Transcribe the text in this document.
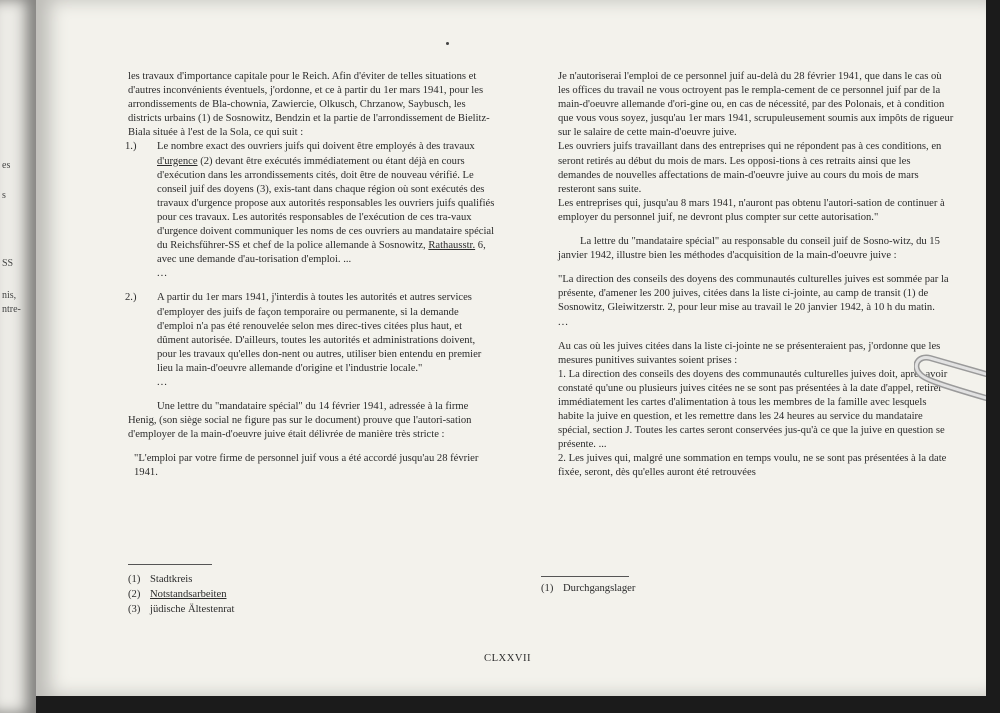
es
s
SS
nis,
ntre-

les travaux d'importance capitale pour le Reich. Afin d'éviter de telles situations et d'autres inconvénients éventuels, j'ordonne, et ce à partir du 1er mars 1941, pour les arrondissements de Bla-chownia, Zawiercie, Olkusch, Chrzanow, Saybusch, les districts urbains (1) de Sosnowitz, Bendzin et la partie de l'arrondissement de Bielitz-Biala située à l'est de la Sola, ce qui suit :

1.) Le nombre exact des ouvriers juifs qui doivent être employés à des travaux d'urgence (2) devant être exécutés immédiatement ou étant déjà en cours d'exécution dans les arrondissements cités, doit être de nouveau vérifié. Le conseil juif des doyens (3), exis-tant dans chaque région où sont exécutés des travaux d'urgence propose aux autorités responsables les ouvriers juifs qualifiés pour ces travaux. Les autorités responsables de l'exécution de ces tra-vaux d'urgence doivent communiquer les noms de ces ouvriers au mandataire spécial du Reichsführer-SS et chef de la police allemande à Sosnowitz, Rathausstr. 6, avec une demande d'au-torisation d'emploi. ...
...
2.) A partir du 1er mars 1941, j'interdis à toutes les autorités et autres services d'employer des juifs de façon temporaire ou permanente, si la demande d'emploi n'a pas été renouvelée selon mes direc-tives citées plus haut, et dûment autorisée. D'ailleurs, toutes les autorités et administrations doivent, pour les travaux qu'elles don-nent ou autres, utiliser bien entendu en premier lieu la main-d'oeuvre allemande d'origine et l'industrie locale."
...

Une lettre du "mandataire spécial" du 14 février 1941, adressée à la firme Henig, (son siège social ne figure pas sur le document) prouve que l'autori-sation d'employer de la main-d'oeuvre juive était délivrée de manière très stricte :

"L'emploi par votre firme de personnel juif vous a été accordé jusqu'au 28 février 1941.

(1) Stadtkreis
(2) Notstandsarbeiten
(3) jüdische Ältestenrat

Je n'autoriserai l'emploi de ce personnel juif au-delà du 28 février 1941, que dans le cas où les offices du travail ne vous octroyent pas le rempla-cement de ce personnel juif par de la main-d'oeuvre allemande d'ori-gine ou, en cas de nécessité, par des Polonais, et à condition que vous vous soyez, jusqu'au 1er mars 1941, scrupuleusement soumis aux impôts de rigueur sur le salaire de cette main-d'oeuvre juive.

Les ouvriers juifs travaillant dans des entreprises qui ne répondent pas à ces conditions, en seront retirés au début du mois de mars. Les opposi-tions à ces retraits ainsi que les demandes de nouvelles affectations de main-d'oeuvre juive au cours du mois de mars resteront sans suite.

Les entreprises qui, jusqu'au 8 mars 1941, n'auront pas obtenu l'autori-sation de continuer à employer du personnel juif, ne devront plus compter sur cette autorisation."

La lettre du "mandataire spécial" au responsable du conseil juif de Sosno-witz, du 15 janvier 1942, illustre bien les méthodes d'acquisition de la main-d'oeuvre juive :

"La direction des conseils des doyens des communautés culturelles juives est sommée par la présente, d'amener les 200 juives, citées dans la liste ci-jointe, au camp de transit (1) de Sosnowitz, Gleiwitzerstr. 2, pour leur mise au travail le 20 janvier 1942, à 10 h du matin.

...

Au cas où les juives citées dans la liste ci-jointe ne se présenteraient pas, j'ordonne que les mesures punitives suivantes soient prises :

1. La direction des conseils des doyens des communautés culturelles juives doit, après avoir constaté qu'une ou plusieurs juives citées ne se sont pas présentées à la date d'appel, retirer immédiatement les cartes d'alimentation à tous les membres de la famille avec lesquels habite la juive en question, et les remettre dans les 24 heures au service du mandataire spécial, section J. Toutes les cartes seront conservées jus-qu'à ce que la juive en question se présente. ...

2. Les juives qui, malgré une sommation en temps voulu, ne se sont pas présentées à la date fixée, seront, dès qu'elles auront été retrouvées

(1) Durchgangslager
CLXXVII
